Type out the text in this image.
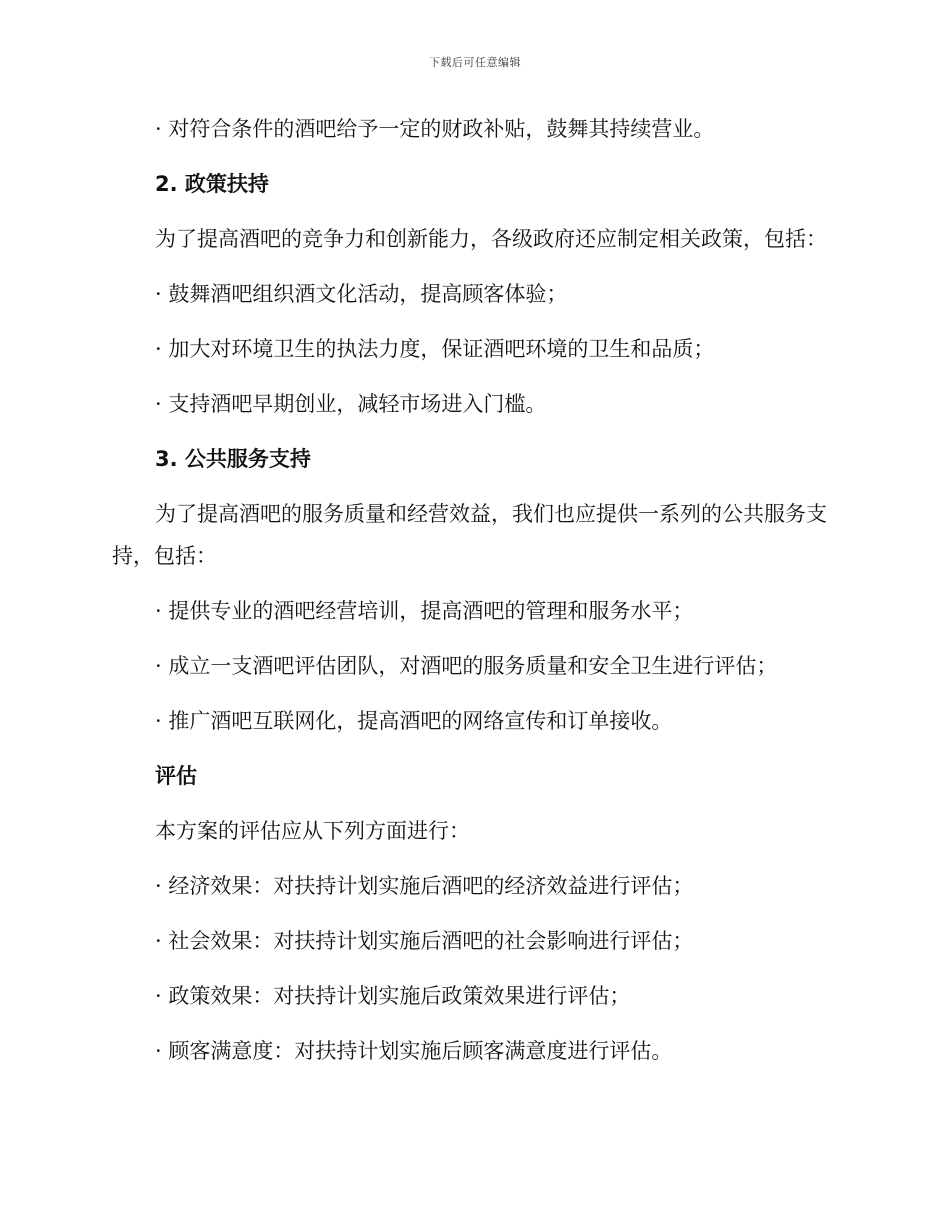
下载后可任意编辑

· 对符合条件的酒吧给予一定的财政补贴，鼓舞其持续营业。

2. 政策扶持

为了提高酒吧的竞争力和创新能力，各级政府还应制定相关政策，包括：

· 鼓舞酒吧组织酒文化活动，提高顾客体验；

· 加大对环境卫生的执法力度，保证酒吧环境的卫生和品质；

· 支持酒吧早期创业，减轻市场进入门槛。

3. 公共服务支持

为了提高酒吧的服务质量和经营效益，我们也应提供一系列的公共服务支持，包括：

· 提供专业的酒吧经营培训，提高酒吧的管理和服务水平；

· 成立一支酒吧评估团队，对酒吧的服务质量和安全卫生进行评估；

· 推广酒吧互联网化，提高酒吧的网络宣传和订单接收。

评估

本方案的评估应从下列方面进行：

· 经济效果：对扶持计划实施后酒吧的经济效益进行评估；

· 社会效果：对扶持计划实施后酒吧的社会影响进行评估；

· 政策效果：对扶持计划实施后政策效果进行评估；

· 顾客满意度：对扶持计划实施后顾客满意度进行评估。
